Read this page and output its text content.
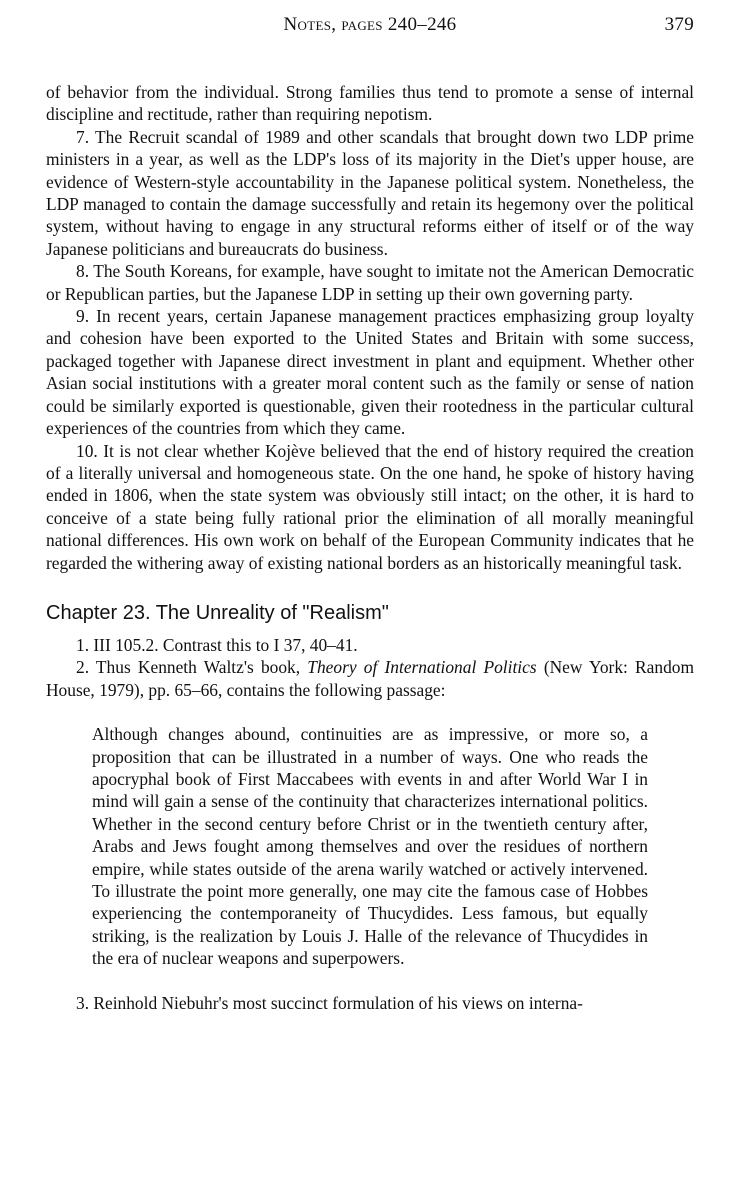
Notes, pages 240–246	379

of behavior from the individual. Strong families thus tend to promote a sense of internal discipline and rectitude, rather than requiring nepotism.

7. The Recruit scandal of 1989 and other scandals that brought down two LDP prime ministers in a year, as well as the LDP's loss of its majority in the Diet's upper house, are evidence of Western-style accountability in the Japanese political system. Nonetheless, the LDP managed to contain the damage successfully and retain its hegemony over the political system, without having to engage in any structural reforms either of itself or of the way Japanese politicians and bureaucrats do business.

8. The South Koreans, for example, have sought to imitate not the American Democratic or Republican parties, but the Japanese LDP in setting up their own governing party.

9. In recent years, certain Japanese management practices emphasizing group loyalty and cohesion have been exported to the United States and Britain with some success, packaged together with Japanese direct investment in plant and equipment. Whether other Asian social institutions with a greater moral content such as the family or sense of nation could be similarly exported is questionable, given their rootedness in the particular cultural experiences of the countries from which they came.

10. It is not clear whether Kojève believed that the end of history required the creation of a literally universal and homogeneous state. On the one hand, he spoke of history having ended in 1806, when the state system was obviously still intact; on the other, it is hard to conceive of a state being fully rational prior the elimination of all morally meaningful national differences. His own work on behalf of the European Community indicates that he regarded the withering away of existing national borders as an historically meaningful task.

Chapter 23. The Unreality of "Realism"

1. III 105.2. Contrast this to I 37, 40–41.

2. Thus Kenneth Waltz's book, Theory of International Politics (New York: Random House, 1979), pp. 65–66, contains the following passage:

Although changes abound, continuities are as impressive, or more so, a proposition that can be illustrated in a number of ways. One who reads the apocryphal book of First Maccabees with events in and after World War I in mind will gain a sense of the continuity that characterizes international politics. Whether in the second century before Christ or in the twentieth century after, Arabs and Jews fought among themselves and over the residues of northern empire, while states outside of the arena warily watched or actively intervened. To illustrate the point more generally, one may cite the famous case of Hobbes experiencing the contemporaneity of Thucydides. Less famous, but equally striking, is the realization by Louis J. Halle of the relevance of Thucydides in the era of nuclear weapons and superpowers.

3. Reinhold Niebuhr's most succinct formulation of his views on interna-
